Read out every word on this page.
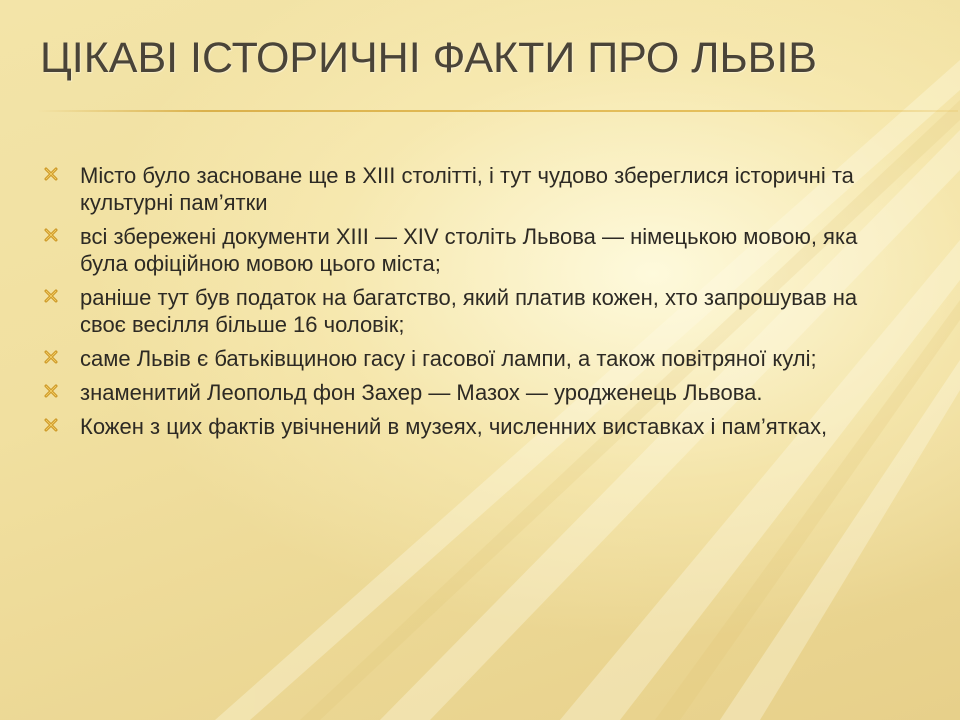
ЦІКАВІ ІСТОРИЧНІ ФАКТИ ПРО ЛЬВІВ
Місто було засноване ще в XIII столітті, і тут чудово збереглися історичні та культурні пам’ятки
всі збережені документи XIII — XIV століть Львова — німецькою мовою, яка була офіційною мовою цього міста;
раніше тут був податок на багатство, який платив кожен, хто запрошував на своє весілля більше 16 чоловік;
саме Львів є батьківщиною гасу і гасової лампи, а також повітряної кулі;
знаменитий Леопольд фон Захер — Мазох — уродженець Львова.
Кожен з цих фактів увічнений в музеях, численних виставках і пам’ятках,
